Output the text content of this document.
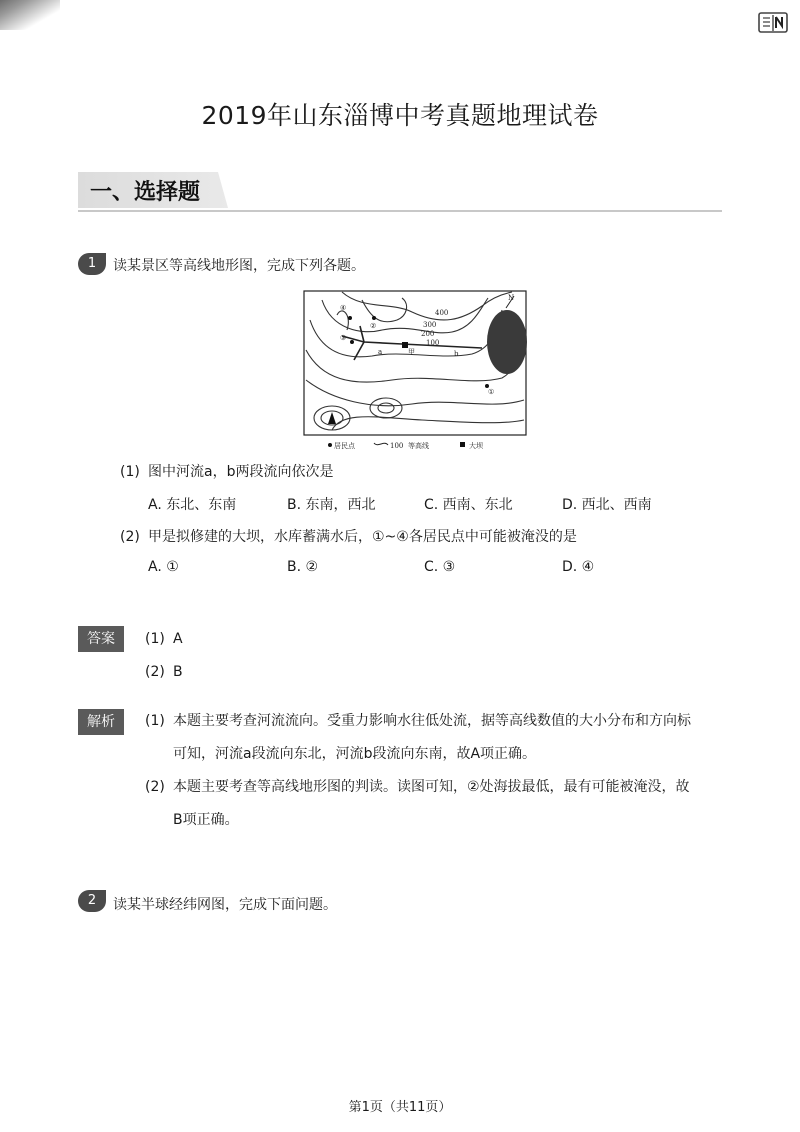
2019年山东淄博中考真题地理试卷
一、选择题
1	读某景区等高线地形图，完成下列各题。
400
300
200
100
①
②
③
④
a	b
甲
N
居民点	100 等高线	大坝
(1) 图中河流a，b两段流向依次是
A. 东北、东南	B. 东南，西北	C. 西南、东北	D. 西北、西南
(2) 甲是拟修建的大坝，水库蓄满水后，①~④各居民点中可能被淹没的是
A. ①	B. ②	C. ③	D. ④
答案	(1) A
(2) B
解析	(1) 本题主要考查河流流向。受重力影响水往低处流，据等高线数值的大小分布和方向标
可知，河流a段流向东北，河流b段流向东南，故A项正确。
(2) 本题主要考查等高线地形图的判读。读图可知，②处海拔最低，最有可能被淹没，故
B项正确。
2	读某半球经纬网图，完成下面问题。
第1页（共11页）
